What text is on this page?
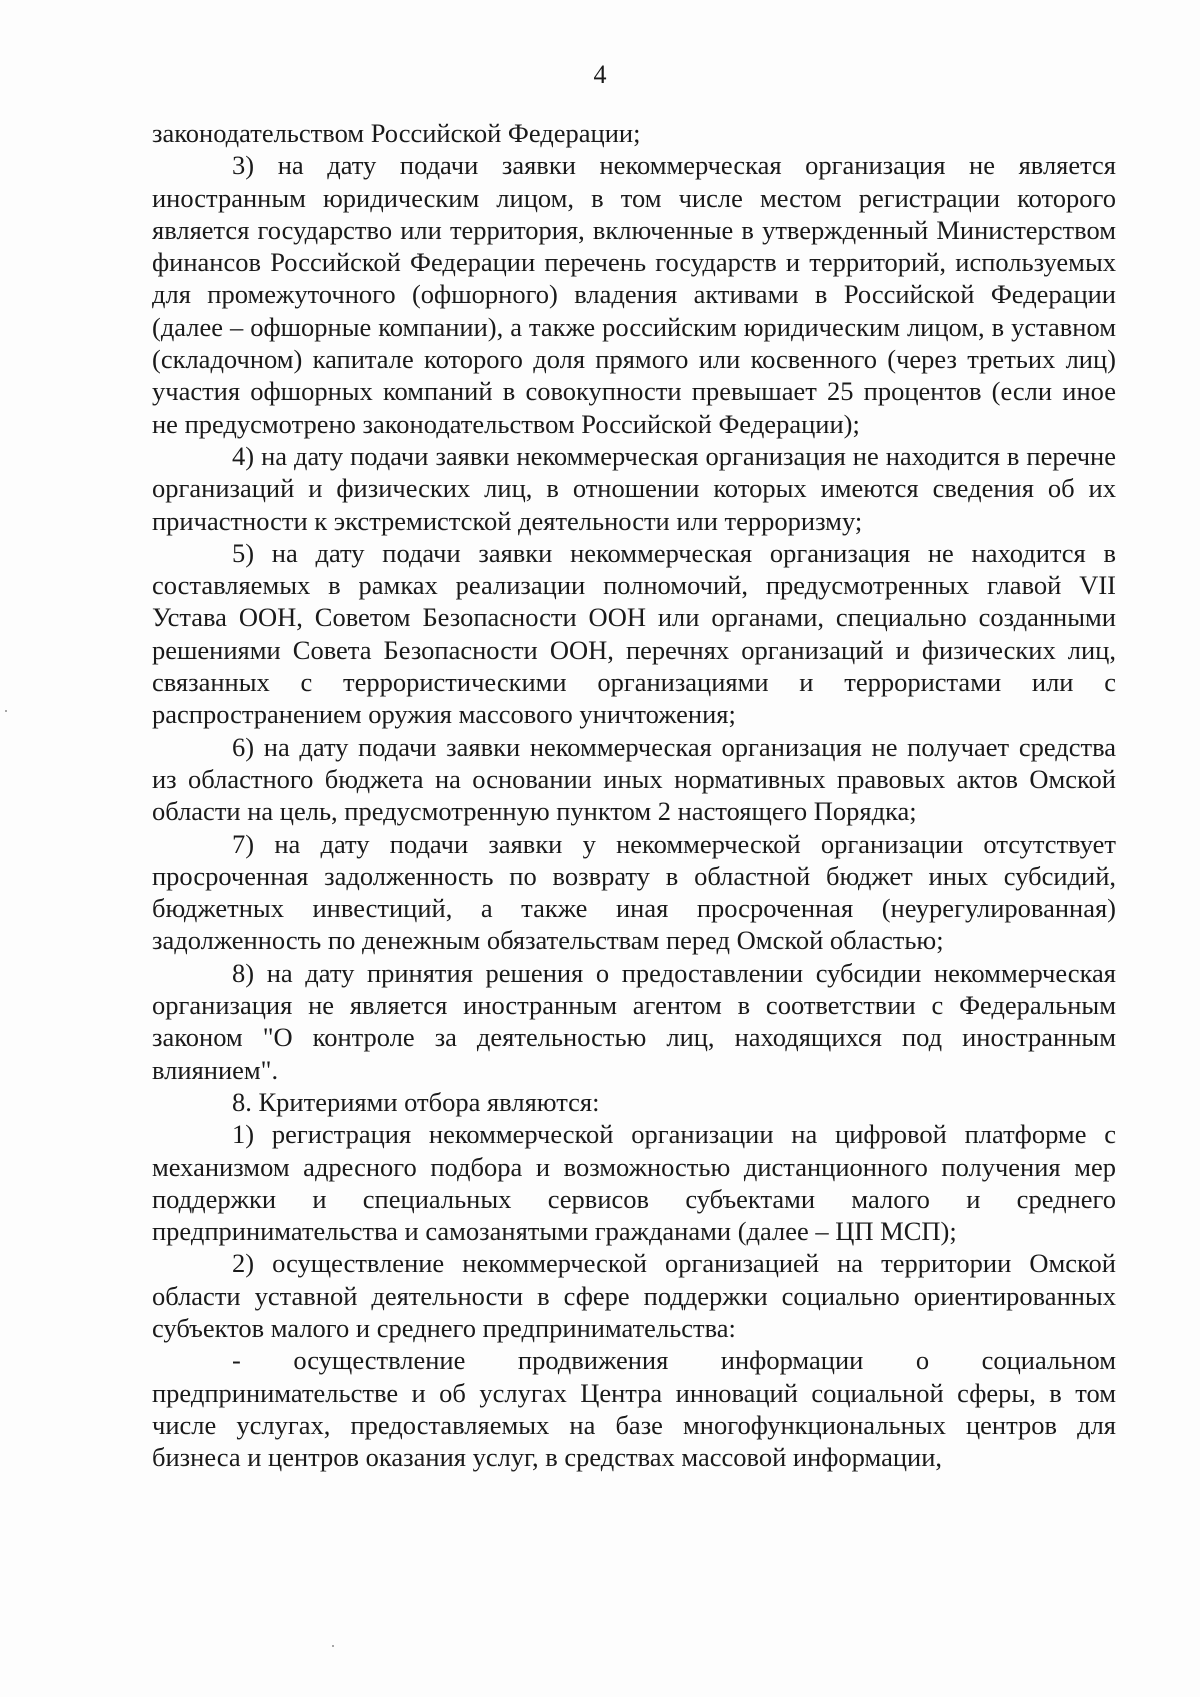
4

законодательством Российской Федерации;

3) на дату подачи заявки некоммерческая организация не является иностранным юридическим лицом, в том числе местом регистрации которого является государство или территория, включенные в утвержденный Министерством финансов Российской Федерации перечень государств и территорий, используемых для промежуточного (офшорного) владения активами в Российской Федерации (далее – офшорные компании), а также российским юридическим лицом, в уставном (складочном) капитале которого доля прямого или косвенного (через третьих лиц) участия офшорных компаний в совокупности превышает 25 процентов (если иное не предусмотрено законодательством Российской Федерации);

4) на дату подачи заявки некоммерческая организация не находится в перечне организаций и физических лиц, в отношении которых имеются сведения об их причастности к экстремистской деятельности или терроризму;

5) на дату подачи заявки некоммерческая организация не находится в составляемых в рамках реализации полномочий, предусмотренных главой VII Устава ООН, Советом Безопасности ООН или органами, специально созданными решениями Совета Безопасности ООН, перечнях организаций и физических лиц, связанных с террористическими организациями и террористами или с распространением оружия массового уничтожения;

6) на дату подачи заявки некоммерческая организация не получает средства из областного бюджета на основании иных нормативных правовых актов Омской области на цель, предусмотренную пунктом 2 настоящего Порядка;

7) на дату подачи заявки у некоммерческой организации отсутствует просроченная задолженность по возврату в областной бюджет иных субсидий, бюджетных инвестиций, а также иная просроченная (неурегулированная) задолженность по денежным обязательствам перед Омской областью;

8) на дату принятия решения о предоставлении субсидии некоммерческая организация не является иностранным агентом в соответствии с Федеральным законом "О контроле за деятельностью лиц, находящихся под иностранным влиянием".

8. Критериями отбора являются:

1) регистрация некоммерческой организации на цифровой платформе с механизмом адресного подбора и возможностью дистанционного получения мер поддержки и специальных сервисов субъектами малого и среднего предпринимательства и самозанятыми гражданами (далее – ЦП МСП);

2) осуществление некоммерческой организацией на территории Омской области уставной деятельности в сфере поддержки социально ориентированных субъектов малого и среднего предпринимательства:

- осуществление продвижения информации о социальном предпринимательстве и об услугах Центра инноваций социальной сферы, в том числе услугах, предоставляемых на базе многофункциональных центров для бизнеса и центров оказания услуг, в средствах массовой информации,
